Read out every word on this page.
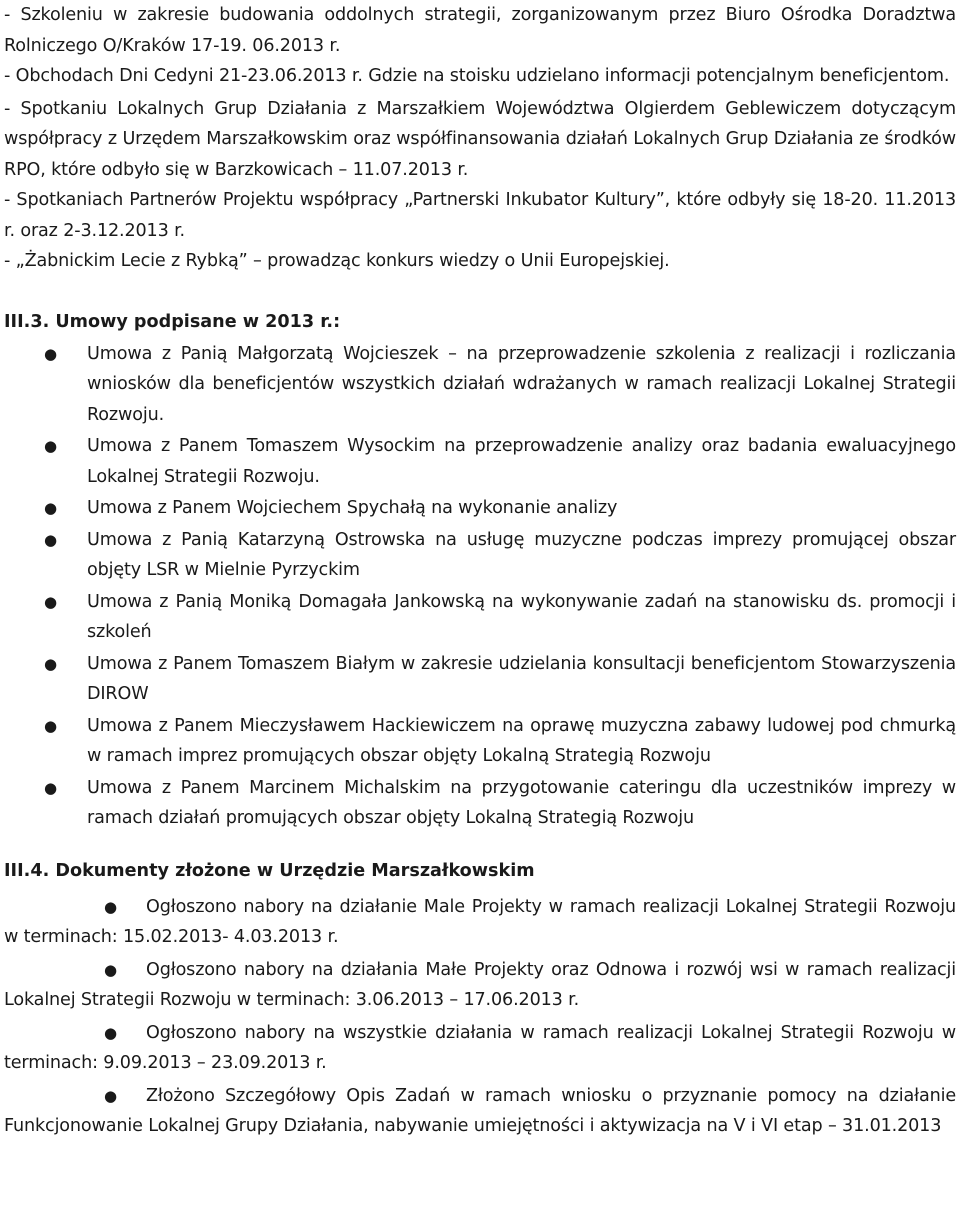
- Szkoleniu w zakresie budowania oddolnych strategii, zorganizowanym przez Biuro Ośrodka Doradztwa Rolniczego O/Kraków 17-19. 06.2013 r.

- Obchodach Dni Cedyni 21-23.06.2013 r. Gdzie na stoisku udzielano informacji potencjalnym beneficjentom.

- Spotkaniu Lokalnych Grup Działania z Marszałkiem Województwa Olgierdem Geblewiczem dotyczącym współpracy z Urzędem Marszałkowskim oraz współfinansowania działań Lokalnych Grup Działania ze środków RPO, które odbyło się w Barzkowicach – 11.07.2013 r.

- Spotkaniach Partnerów Projektu współpracy „Partnerski Inkubator Kultury”, które odbyły się 18-20. 11.2013 r. oraz 2-3.12.2013 r.

- „Żabnickim Lecie z Rybką” – prowadząc konkurs wiedzy o Unii Europejskiej.

III.3. Umowy podpisane w 2013 r.:
● Umowa z Panią Małgorzatą Wojcieszek – na przeprowadzenie szkolenia z realizacji i rozliczania wniosków dla beneficjentów wszystkich działań wdrażanych w ramach realizacji Lokalnej Strategii Rozwoju.
● Umowa z Panem Tomaszem Wysockim na przeprowadzenie analizy oraz badania ewaluacyjnego Lokalnej Strategii Rozwoju.
● Umowa z Panem Wojciechem Spychałą na wykonanie analizy
● Umowa z Panią Katarzyną Ostrowska na usługę muzyczne podczas imprezy promującej obszar objęty LSR w Mielnie Pyrzyckim
● Umowa z Panią Moniką Domagała Jankowską na wykonywanie zadań na stanowisku ds. promocji i szkoleń
● Umowa z Panem Tomaszem Białym w zakresie udzielania konsultacji beneficjentom Stowarzyszenia DIROW
● Umowa z Panem Mieczysławem Hackiewiczem na oprawę muzyczna zabawy ludowej pod chmurką w ramach imprez promujących obszar objęty Lokalną Strategią Rozwoju
● Umowa z Panem Marcinem Michalskim na przygotowanie cateringu dla uczestników imprezy w ramach działań promujących obszar objęty Lokalną Strategią Rozwoju
III.4. Dokumenty złożone w Urzędzie Marszałkowskim
● Ogłoszono nabory na działanie Male Projekty w ramach realizacji Lokalnej Strategii Rozwoju w terminach: 15.02.2013- 4.03.2013 r.
● Ogłoszono nabory na działania Małe Projekty oraz Odnowa i rozwój wsi w ramach realizacji Lokalnej Strategii Rozwoju w terminach: 3.06.2013 – 17.06.2013 r.
● Ogłoszono nabory na wszystkie działania w ramach realizacji Lokalnej Strategii Rozwoju w terminach: 9.09.2013 – 23.09.2013 r.
● Złożono Szczegółowy Opis Zadań w ramach wniosku o przyznanie pomocy na działanie Funkcjonowanie Lokalnej Grupy Działania, nabywanie umiejętności i aktywizacja na V i VI etap – 31.01.2013
